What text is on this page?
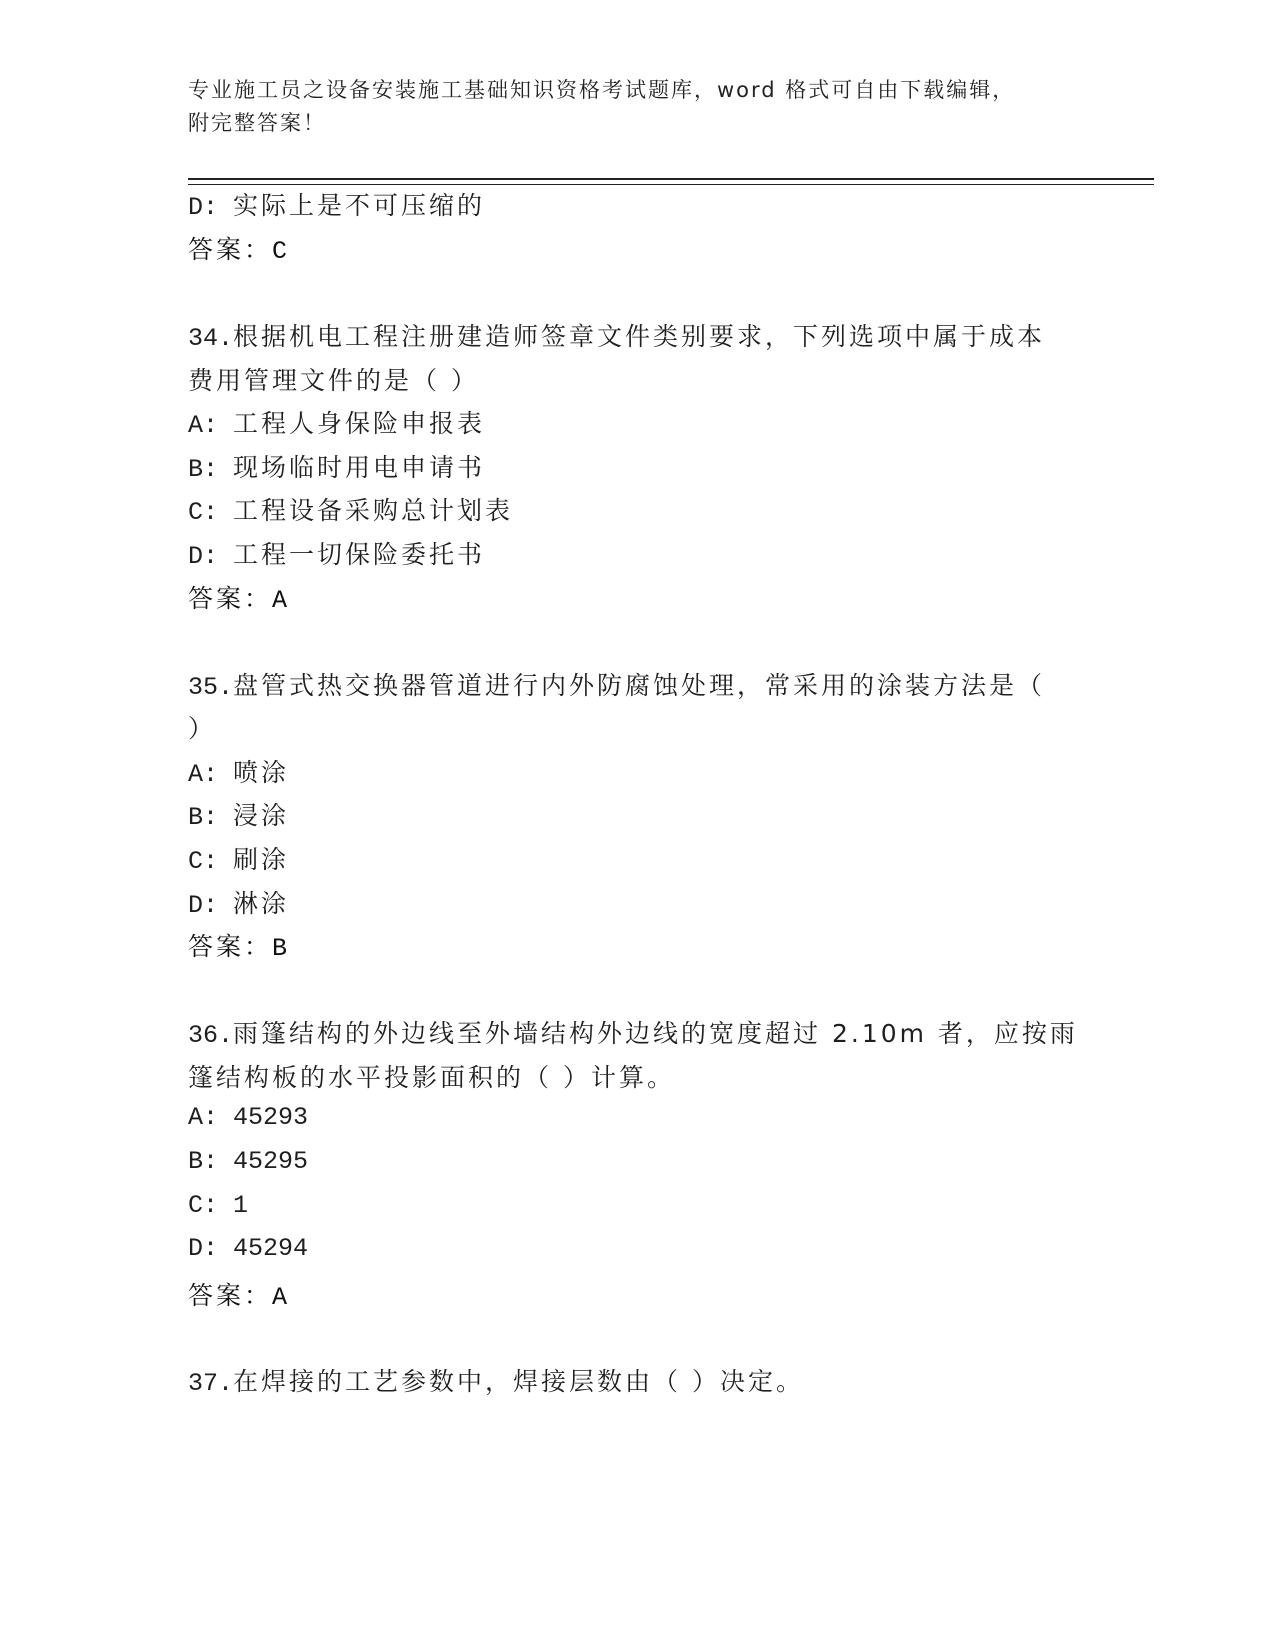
专业施工员之设备安装施工基础知识资格考试题库，word 格式可自由下载编辑，
附完整答案！
D: 实际上是不可压缩的
答案：C
34.根据机电工程注册建造师签章文件类别要求，下列选项中属于成本
费用管理文件的是（ ）
A: 工程人身保险申报表
B: 现场临时用电申请书
C: 工程设备采购总计划表
D: 工程一切保险委托书
答案：A
35.盘管式热交换器管道进行内外防腐蚀处理，常采用的涂装方法是（
）
A: 喷涂
B: 浸涂
C: 刷涂
D: 淋涂
答案：B
36.雨篷结构的外边线至外墙结构外边线的宽度超过 2.10m 者，应按雨
篷结构板的水平投影面积的（ ）计算。
A: 45293
B: 45295
C: 1
D: 45294
答案：A
37.在焊接的工艺参数中，焊接层数由（ ）决定。
